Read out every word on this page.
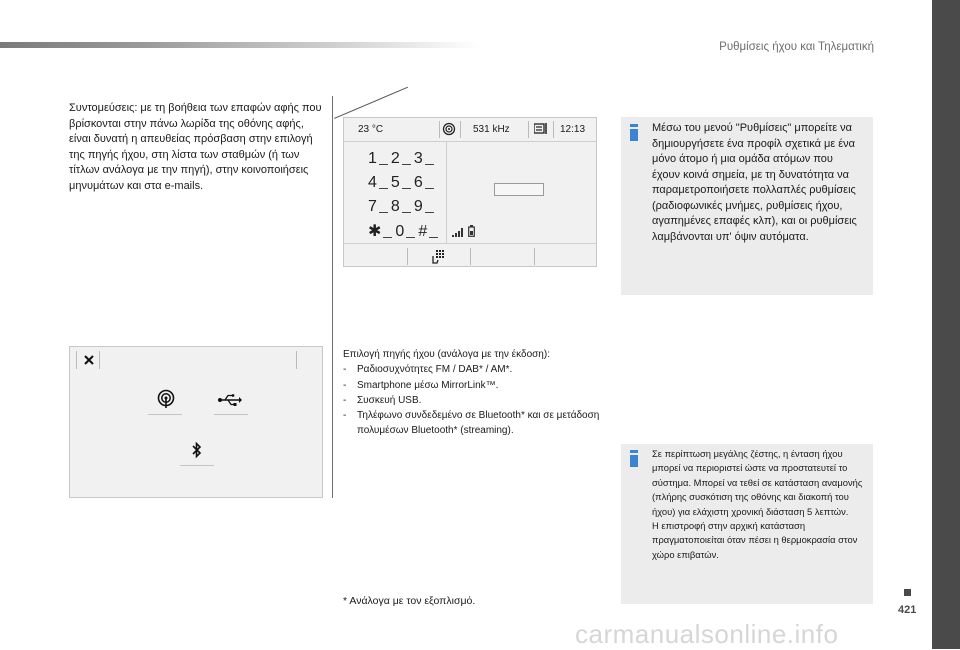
Ρυθμίσεις ήχου και Τηλεματική
421
carmanualsonline.info
Συντομεύσεις: με τη βοήθεια των επαφών αφής που βρίσκονται στην πάνω λωρίδα της οθόνης αφής, είναι δυνατή η απευθείας πρόσβαση στην επιλογή της πηγής ήχου, στη λίστα των σταθμών (ή των τίτλων ανάλογα με την πηγή), στην κοινοποιήσεις μηνυμάτων και στα e-mails.
23 °C	531 kHz	12:13
1 2 3
4 5 6
7 8 9
✱ 0 #
Επιλογή πηγής ήχου (ανάλογα με την έκδοση):
-	Ραδιοσυχνότητες FM / DAB* / AM*.
-	Smartphone μέσω MirrorLink™.
-	Συσκευή USB.
-	Τηλέφωνο συνδεδεμένο σε Bluetooth* και σε μετάδοση πολυμέσων Bluetooth* (streaming).
* Ανάλογα με τον εξοπλισμό.
Μέσω του μενού "Ρυθμίσεις" μπορείτε να δημιουργήσετε ένα προφίλ σχετικά με ένα μόνο άτομο ή μια ομάδα ατόμων που έχουν κοινά σημεία, με τη δυνατότητα να παραμετροποιήσετε πολλαπλές ρυθμίσεις (ραδιοφωνικές μνήμες, ρυθμίσεις ήχου, αγαπημένες επαφές κλπ), και οι ρυθμίσεις λαμβάνονται υπ' όψιν αυτόματα.
Σε περίπτωση μεγάλης ζέστης, η ένταση ήχου μπορεί να περιοριστεί ώστε να προστατευτεί το σύστημα. Μπορεί να τεθεί σε κατάσταση αναμονής (πλήρης συσκότιση της οθόνης και διακοπή του ήχου) για ελάχιστη χρονική διάσταση 5 λεπτών.
Η επιστροφή στην αρχική κατάσταση πραγματοποιείται όταν πέσει η θερμοκρασία στον χώρο επιβατών.
